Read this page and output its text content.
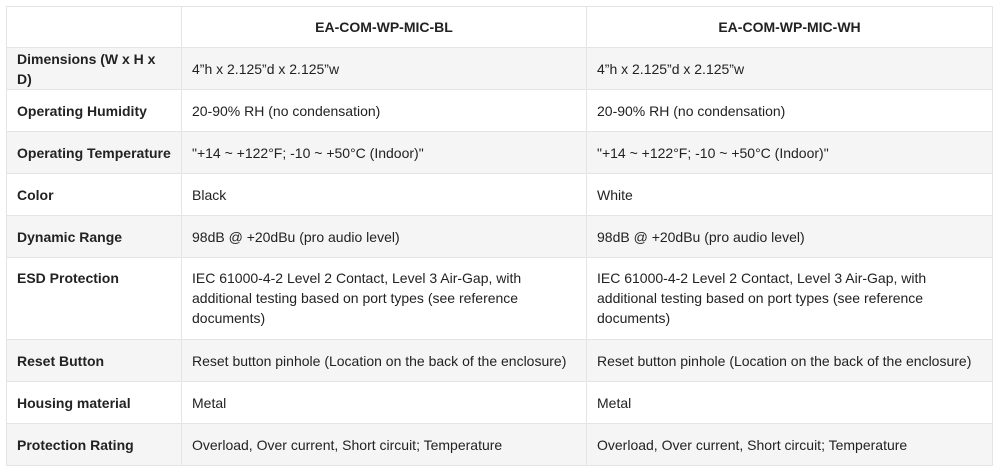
	EA-COM-WP-MIC-BL	EA-COM-WP-MIC-WH
Dimensions (W x H x D)	4”h x 2.125”d x 2.125”w	4”h x 2.125”d x 2.125”w
Operating Humidity	20-90% RH (no condensation)	20-90% RH (no condensation)
Operating Temperature	"+14 ~ +122°F; -10 ~ +50°C (Indoor)"	"+14 ~ +122°F; -10 ~ +50°C (Indoor)"
Color	Black	White
Dynamic Range	98dB @ +20dBu (pro audio level)	98dB @ +20dBu (pro audio level)
ESD Protection	IEC 61000-4-2 Level 2 Contact, Level 3 Air-Gap, with additional testing based on port types (see reference documents)	IEC 61000-4-2 Level 2 Contact, Level 3 Air-Gap, with additional testing based on port types (see reference documents)
Reset Button	Reset button pinhole (Location on the back of the enclosure)	Reset button pinhole (Location on the back of the enclosure)
Housing material	Metal	Metal
Protection Rating	Overload, Over current, Short circuit; Temperature	Overload, Over current, Short circuit; Temperature
